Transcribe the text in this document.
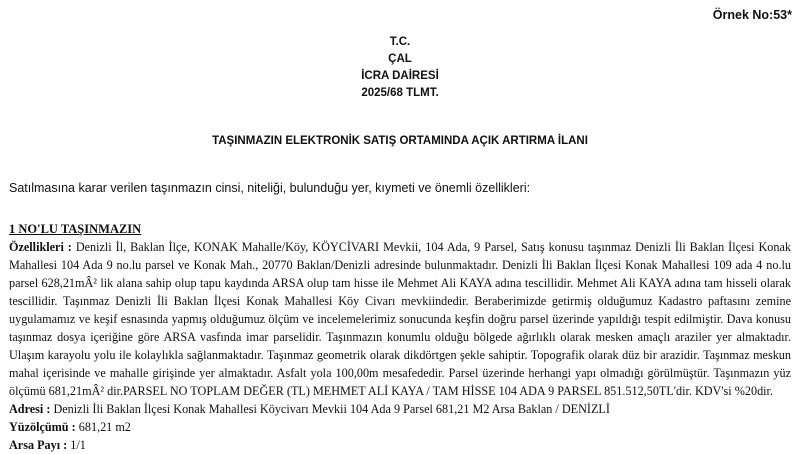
Örnek No:53*
T.C.
ÇAL
İCRA DAİRESİ
2025/68 TLMT.
TAŞINMAZIN ELEKTRONİK SATIŞ ORTAMINDA AÇIK ARTIRMA İLANI
Satılmasına karar verilen taşınmazın cinsi, niteliği, bulunduğu yer, kıymeti ve önemli özellikleri:
1 NO'LU TAŞINMAZIN

Özellikleri : Denizli İl, Baklan İlçe, KONAK Mahalle/Köy, KÖYCİVARI Mevkii, 104 Ada, 9 Parsel, Satış konusu taşınmaz Denizli İli Baklan İlçesi Konak Mahallesi 104 Ada 9 no.lu parsel ve Konak Mah., 20770 Baklan/Denizli adresinde bulunmaktadır. Denizli İli Baklan İlçesi Konak Mahallesi 109 ada 4 no.lu parsel 628,21mÂ² lik alana sahip olup tapu kaydında ARSA olup tam hisse ile Mehmet Ali KAYA adına tescillidir. Mehmet Ali KAYA adına tam hisseli olarak tescillidir. Taşınmaz Denizli İli Baklan İlçesi Konak Mahallesi Köy Civarı mevkiindedir. Beraberimizde getirmiş olduğumuz Kadastro paftasını zemine uygulamamız ve keşif esnasında yapmış olduğumuz ölçüm ve incelemelerimiz sonucunda keşfin doğru parsel üzerinde yapıldığı tespit edilmiştir. Dava konusu taşınmaz dosya içeriğine göre ARSA vasfında imar parselidir. Taşınmazın konumlu olduğu bölgede ağırlıklı olarak mesken amaçlı araziler yer almaktadır. Ulaşım karayolu yolu ile kolaylıkla sağlanmaktadır. Taşınmaz geometrik olarak dikdörtgen şekle sahiptir. Topografik olarak düz bir arazidir. Taşınmaz meskun mahal içerisinde ve mahalle girişinde yer almaktadır. Asfalt yola 100,00m mesafededir. Parsel üzerinde herhangi yapı olmadığı görülmüştür. Taşınmazın yüz ölçümü 681,21mÂ² dir.PARSEL NO TOPLAM DEĞER (TL) MEHMET ALİ KAYA / TAM HİSSE 104 ADA 9 PARSEL 851.512,50TL'dir. KDV'si %20dir.

Adresi : Denizli İli Baklan İlçesi Konak Mahallesi Köycivarı Mevkii 104 Ada 9 Parsel 681,21 M2 Arsa Baklan / DENİZLİ

Yüzölçümü : 681,21 m2

Arsa Payı : 1/1
